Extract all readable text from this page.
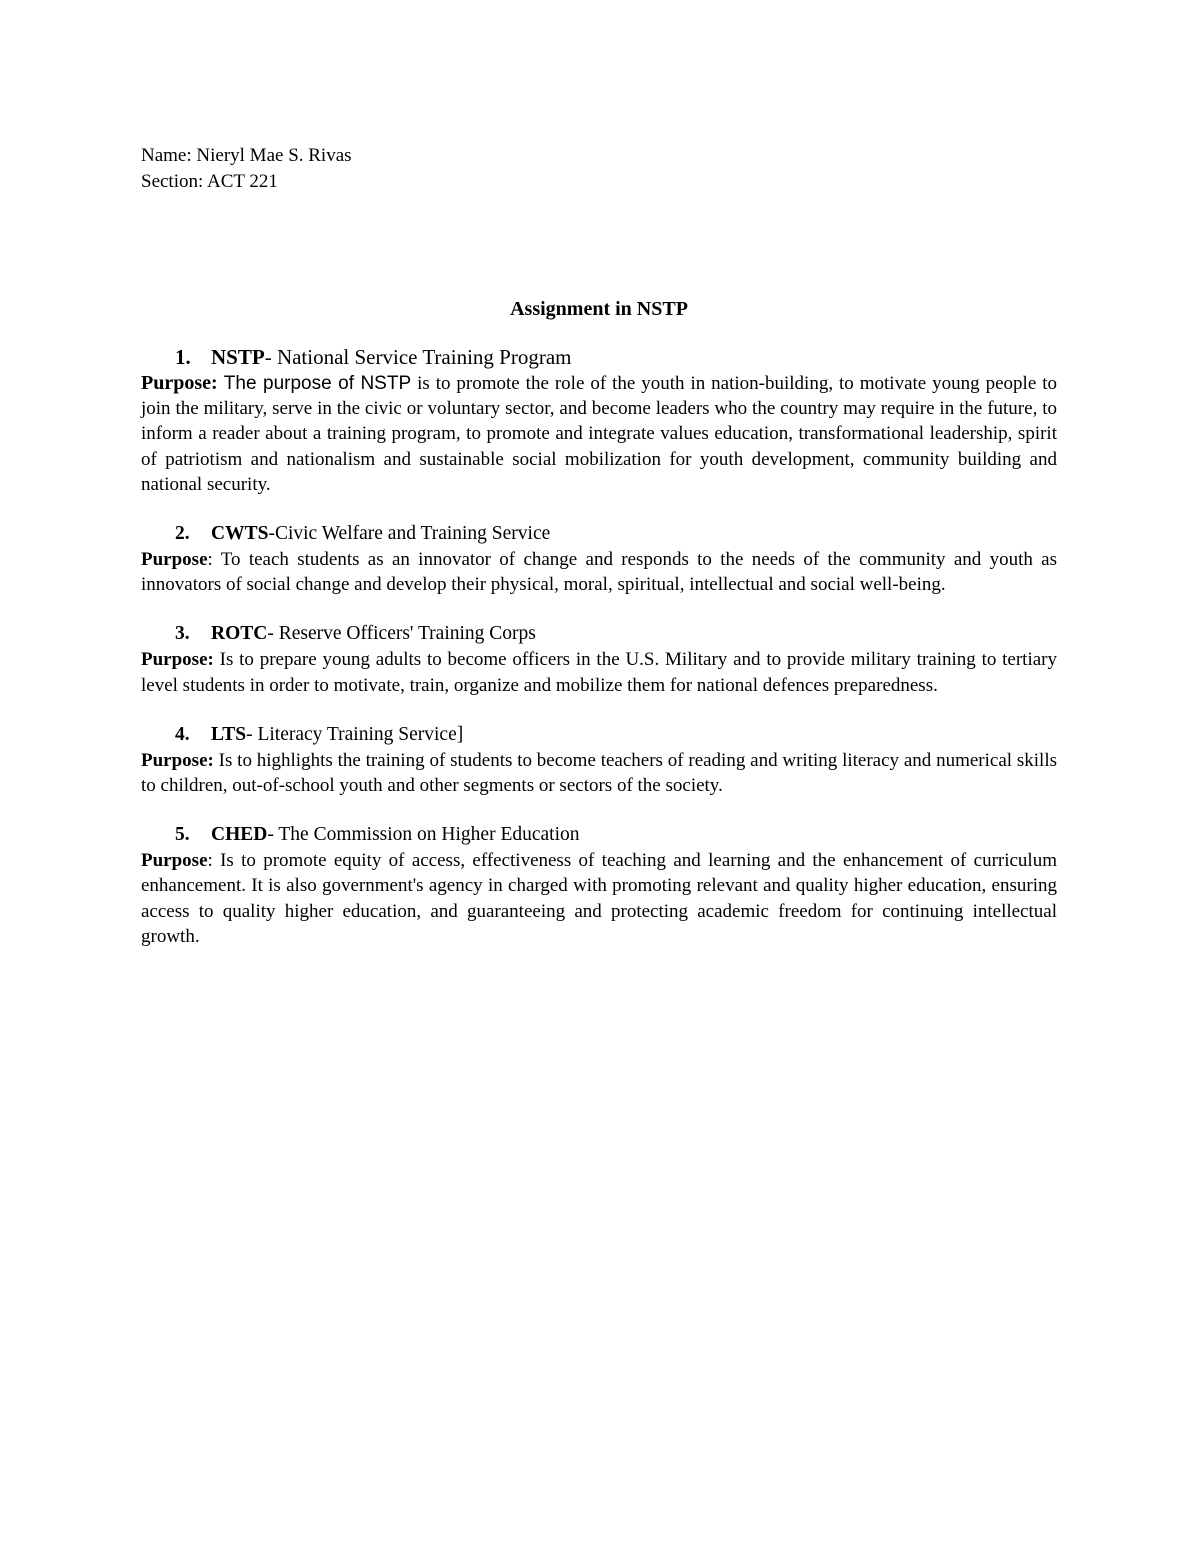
Name: Nieryl Mae S. Rivas
Section: ACT 221
Assignment in NSTP
1. NSTP- National Service Training Program
Purpose: The purpose of NSTP is to promote the role of the youth in nation-building, to motivate young people to join the military, serve in the civic or voluntary sector, and become leaders who the country may require in the future, to inform a reader about a training program, to promote and integrate values education, transformational leadership, spirit of patriotism and nationalism and sustainable social mobilization for youth development, community building and national security.
2. CWTS-Civic Welfare and Training Service
Purpose: To teach students as an innovator of change and responds to the needs of the community and youth as innovators of social change and develop their physical, moral, spiritual, intellectual and social well-being.
3. ROTC- Reserve Officers' Training Corps
Purpose: Is to prepare young adults to become officers in the U.S. Military and to provide military training to tertiary level students in order to motivate, train, organize and mobilize them for national defences preparedness.
4. LTS- Literacy Training Service]
Purpose: Is to highlights the training of students to become teachers of reading and writing literacy and numerical skills to children, out-of-school youth and other segments or sectors of the society.
5. CHED- The Commission on Higher Education
Purpose: Is to promote equity of access, effectiveness of teaching and learning and the enhancement of curriculum enhancement. It is also government's agency in charged with promoting relevant and quality higher education, ensuring access to quality higher education, and guaranteeing and protecting academic freedom for continuing intellectual growth.
